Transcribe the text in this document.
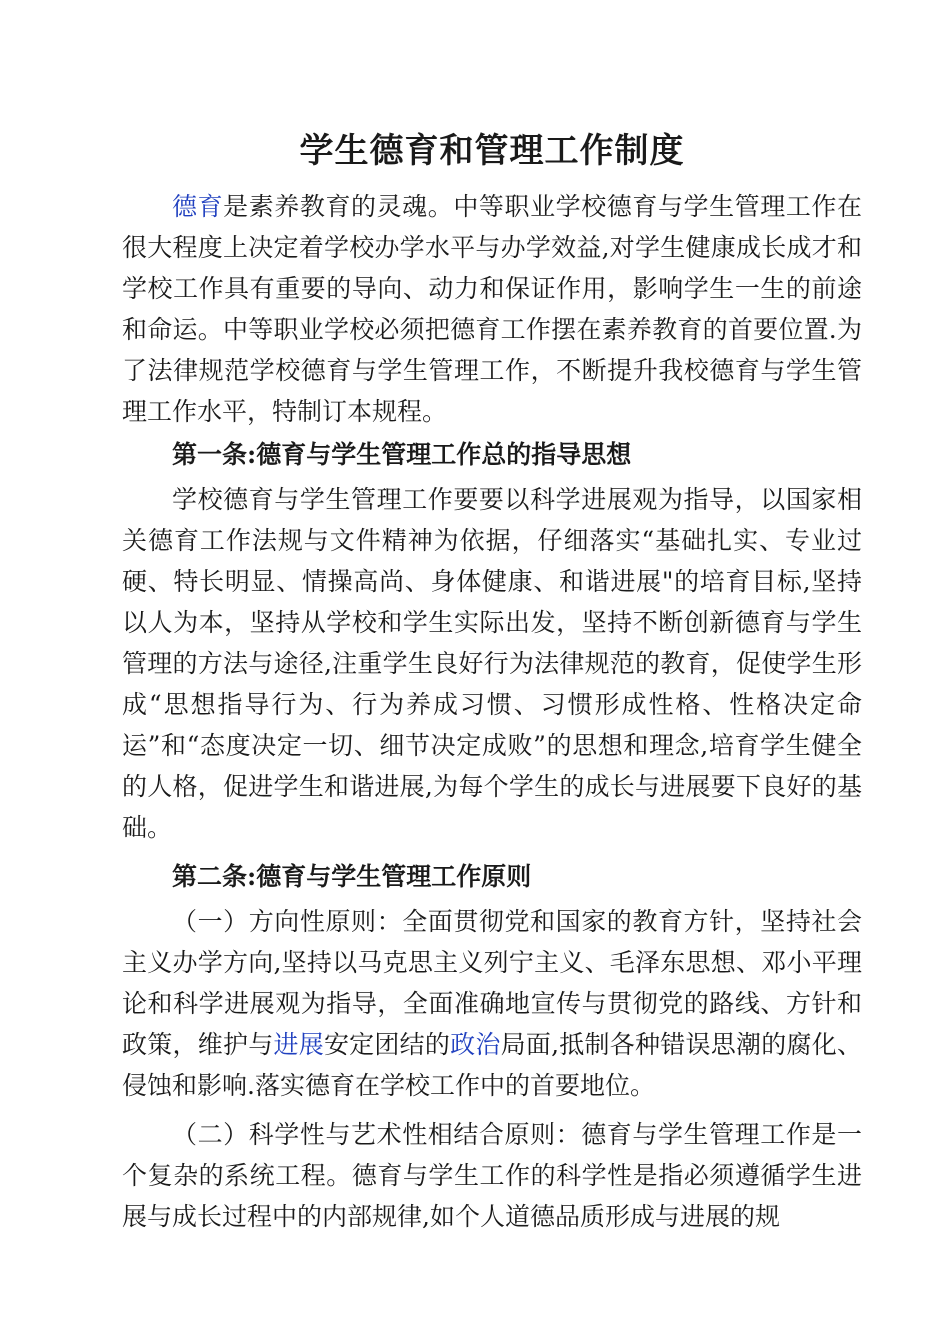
学生德育和管理工作制度

德育是素养教育的灵魂。中等职业学校德育与学生管理工作在很大程度上决定着学校办学水平与办学效益,对学生健康成长成才和学校工作具有重要的导向、动力和保证作用，影响学生一生的前途和命运。中等职业学校必须把德育工作摆在素养教育的首要位置.为了法律规范学校德育与学生管理工作，不断提升我校德育与学生管理工作水平，特制订本规程。

第一条:德育与学生管理工作总的指导思想

学校德育与学生管理工作要要以科学进展观为指导，以国家相关德育工作法规与文件精神为依据，仔细落实“基础扎实、专业过硬、特长明显、情操高尚、身体健康、和谐进展"的培育目标,坚持以人为本，坚持从学校和学生实际出发，坚持不断创新德育与学生管理的方法与途径,注重学生良好行为法律规范的教育，促使学生形成“思想指导行为、行为养成习惯、习惯形成性格、性格决定命运”和“态度决定一切、细节决定成败”的思想和理念,培育学生健全的人格，促进学生和谐进展,为每个学生的成长与进展要下良好的基础。

第二条:德育与学生管理工作原则

（一）方向性原则：全面贯彻党和国家的教育方针，坚持社会主义办学方向,坚持以马克思主义列宁主义、毛泽东思想、邓小平理论和科学进展观为指导，全面准确地宣传与贯彻党的路线、方针和政策，维护与进展安定团结的政治局面,抵制各种错误思潮的腐化、侵蚀和影响.落实德育在学校工作中的首要地位。

（二）科学性与艺术性相结合原则：德育与学生管理工作是一个复杂的系统工程。德育与学生工作的科学性是指必须遵循学生进展与成长过程中的内部规律,如个人道德品质形成与进展的规
